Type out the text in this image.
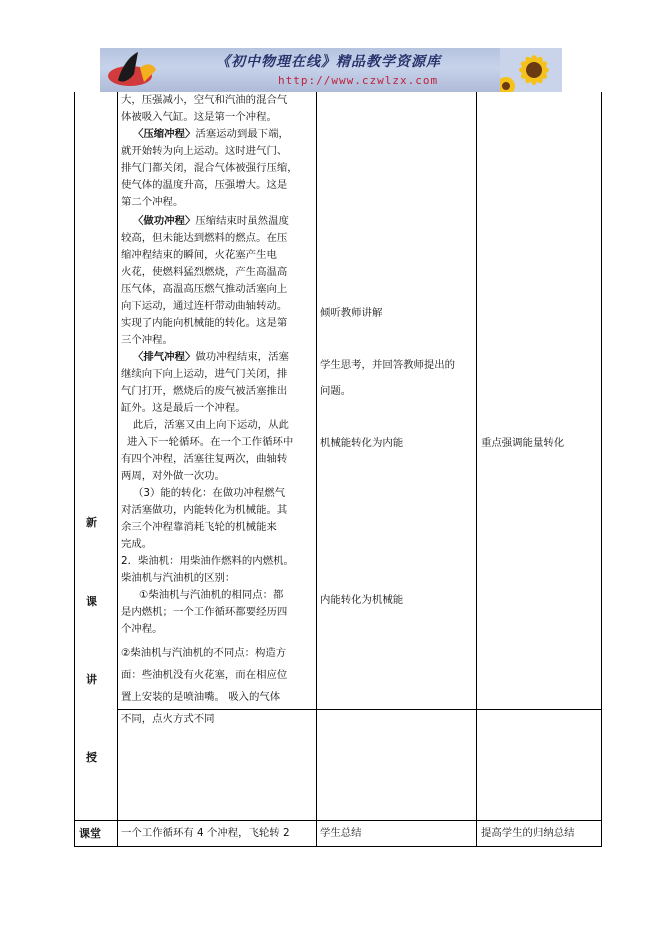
《初中物理在线》精品教学资源库
http://www.czwlzx.com
新
课
讲
授
课堂

大，压强减小，空气和汽油的混合气

体被吸入气缸。这是第一个冲程。

〈压缩冲程〉活塞运动到最下端，

就开始转为向上运动。这时进气门、

排气门都关闭，混合气体被强行压缩，

使气体的温度升高，压强增大。这是

第二个冲程。

〈做功冲程〉压缩结束时虽然温度

较高，但未能达到燃料的燃点。在压

缩冲程结束的瞬间，火花塞产生电

火花，使燃料猛烈燃烧，产生高温高

压气体，高温高压燃气推动活塞向上

向下运动，通过连杆带动曲轴转动。

实现了内能向机械能的转化。这是第

三个冲程。

〈排气冲程〉做功冲程结束，活塞

继续向下向上运动，进气门关闭，排

气门打开，燃烧后的废气被活塞推出

缸外。这是最后一个冲程。

此后，活塞又由上向下运动，从此

进入下一轮循环。在一个工作循环中

有四个冲程，活塞往复两次，曲轴转

两周，对外做一次功。

（3）能的转化：在做功冲程燃气

对活塞做功，内能转化为机械能。其

余三个冲程靠消耗飞轮的机械能来

完成。

2．柴油机：用柴油作燃料的内燃机。

柴油机与汽油机的区别：

①柴油机与汽油机的相同点：都

是内燃机；一个工作循环都要经历四

个冲程。

②柴油机与汽油机的不同点：构造方

面：些油机没有火花塞，而在相应位

置上安装的是喷油嘴。 吸入的气体

不同，点火方式不同

倾听教师讲解
学生思考，并回答教师提出的
问题。
机械能转化为内能
内能转化为机械能
重点强调能量转化
一个工作循环有 4 个冲程，飞轮转 2	学生总结	提高学生的归纳总结
